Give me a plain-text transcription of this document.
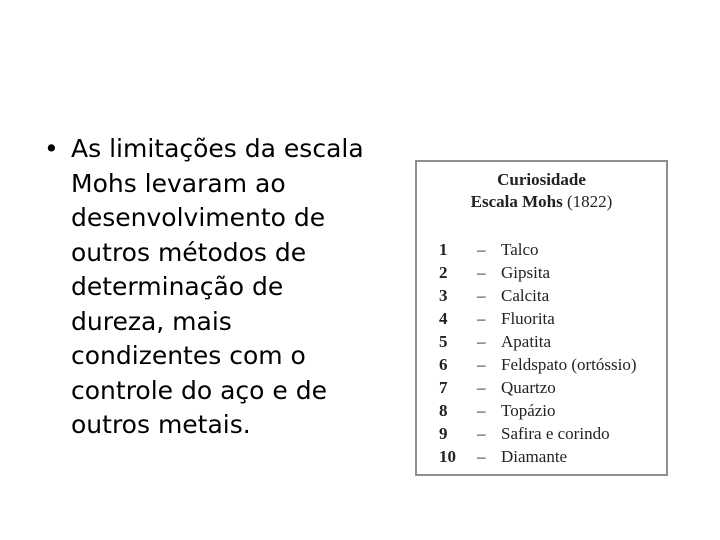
• As limitações da escala
Mohs levaram ao
desenvolvimento de
outros métodos de
determinação de
dureza, mais
condizentes com o
controle do aço e de
outros metais.
Curiosidade
Escala Mohs (1822)
1	– Talco
2	– Gipsita
3	– Calcita
4	– Fluorita
5	– Apatita
6	– Feldspato (ortóssio)
7	– Quartzo
8	– Topázio
9	– Safira e corindo
10	– Diamante
